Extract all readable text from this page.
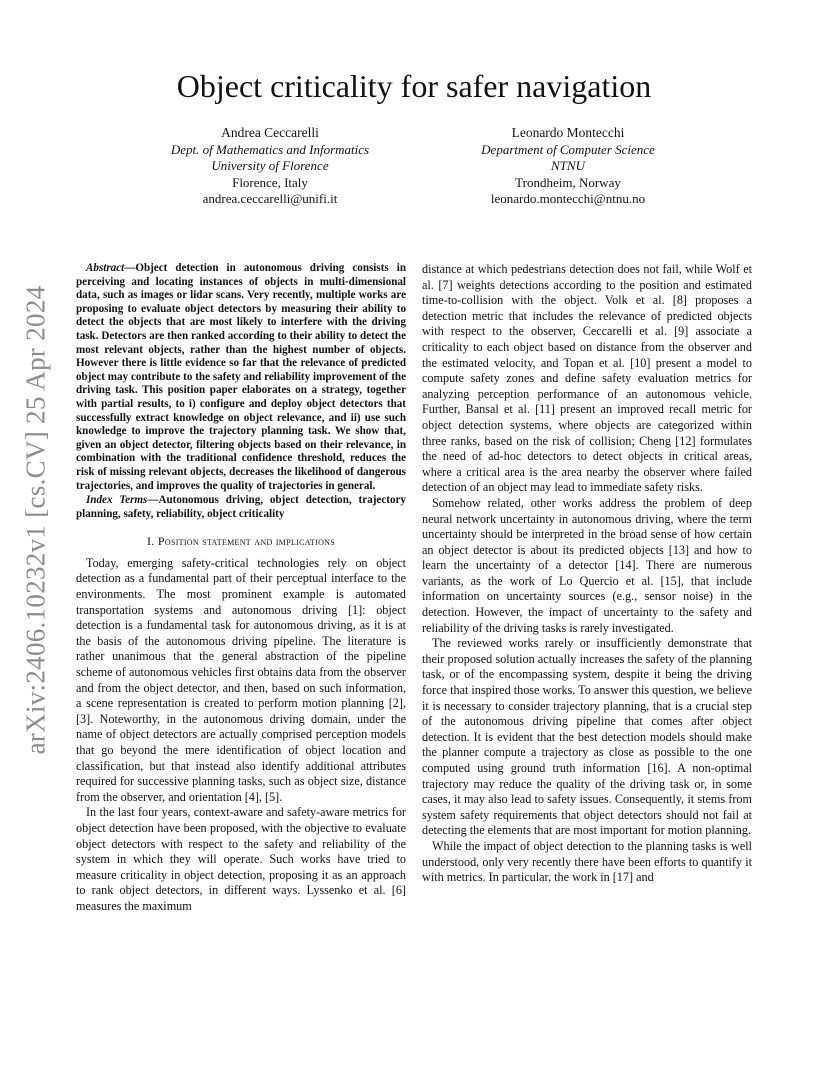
Object criticality for safer navigation
Andrea Ceccarelli
Dept. of Mathematics and Informatics
University of Florence
Florence, Italy
andrea.ceccarelli@unifi.it
Leonardo Montecchi
Department of Computer Science
NTNU
Trondheim, Norway
leonardo.montecchi@ntnu.no
arXiv:2406.10232v1 [cs.CV] 25 Apr 2024

Abstract—Object detection in autonomous driving consists in perceiving and locating instances of objects in multi-dimensional data, such as images or lidar scans. Very recently, multiple works are proposing to evaluate object detectors by measuring their ability to detect the objects that are most likely to interfere with the driving task. Detectors are then ranked according to their ability to detect the most relevant objects, rather than the highest number of objects. However there is little evidence so far that the relevance of predicted object may contribute to the safety and reliability improvement of the driving task. This position paper elaborates on a strategy, together with partial results, to i) configure and deploy object detectors that successfully extract knowledge on object relevance, and ii) use such knowledge to improve the trajectory planning task. We show that, given an object detector, filtering objects based on their relevance, in combination with the traditional confidence threshold, reduces the risk of missing relevant objects, decreases the likelihood of dangerous trajectories, and improves the quality of trajectories in general.

Index Terms—Autonomous driving, object detection, trajectory planning, safety, reliability, object criticality

I. Position statement and implications

Today, emerging safety-critical technologies rely on object detection as a fundamental part of their perceptual interface to the environments. The most prominent example is automated transportation systems and autonomous driving [1]: object detection is a fundamental task for autonomous driving, as it is at the basis of the autonomous driving pipeline. The literature is rather unanimous that the general abstraction of the pipeline scheme of autonomous vehicles first obtains data from the observer and from the object detector, and then, based on such information, a scene representation is created to perform motion planning [2], [3]. Noteworthy, in the autonomous driving domain, under the name of object detectors are actually comprised perception models that go beyond the mere identification of object location and classification, but that instead also identify additional attributes required for successive planning tasks, such as object size, distance from the observer, and orientation [4], [5].

In the last four years, context-aware and safety-aware metrics for object detection have been proposed, with the objective to evaluate object detectors with respect to the safety and reliability of the system in which they will operate. Such works have tried to measure criticality in object detection, proposing it as an approach to rank object detectors, in different ways. Lyssenko et al. [6] measures the maximum

distance at which pedestrians detection does not fail, while Wolf et al. [7] weights detections according to the position and estimated time-to-collision with the object. Volk et al. [8] proposes a detection metric that includes the relevance of predicted objects with respect to the observer, Ceccarelli et al. [9] associate a criticality to each object based on distance from the observer and the estimated velocity, and Topan et al. [10] present a model to compute safety zones and define safety evaluation metrics for analyzing perception performance of an autonomous vehicle. Further, Bansal et al. [11] present an improved recall metric for object detection systems, where objects are categorized within three ranks, based on the risk of collision; Cheng [12] formulates the need of ad-hoc detectors to detect objects in critical areas, where a critical area is the area nearby the observer where failed detection of an object may lead to immediate safety risks.

Somehow related, other works address the problem of deep neural network uncertainty in autonomous driving, where the term uncertainty should be interpreted in the broad sense of how certain an object detector is about its predicted objects [13] and how to learn the uncertainty of a detector [14]. There are numerous variants, as the work of Lo Quercio et al. [15], that include information on uncertainty sources (e.g., sensor noise) in the detection. However, the impact of uncertainty to the safety and reliability of the driving tasks is rarely investigated.

The reviewed works rarely or insufficiently demonstrate that their proposed solution actually increases the safety of the planning task, or of the encompassing system, despite it being the driving force that inspired those works. To answer this question, we believe it is necessary to consider trajectory planning, that is a crucial step of the autonomous driving pipeline that comes after object detection. It is evident that the best detection models should make the planner compute a trajectory as close as possible to the one computed using ground truth information [16]. A non-optimal trajectory may reduce the quality of the driving task or, in some cases, it may also lead to safety issues. Consequently, it stems from system safety requirements that object detectors should not fail at detecting the elements that are most important for motion planning.

While the impact of object detection to the planning tasks is well understood, only very recently there have been efforts to quantify it with metrics. In particular, the work in [17] and
